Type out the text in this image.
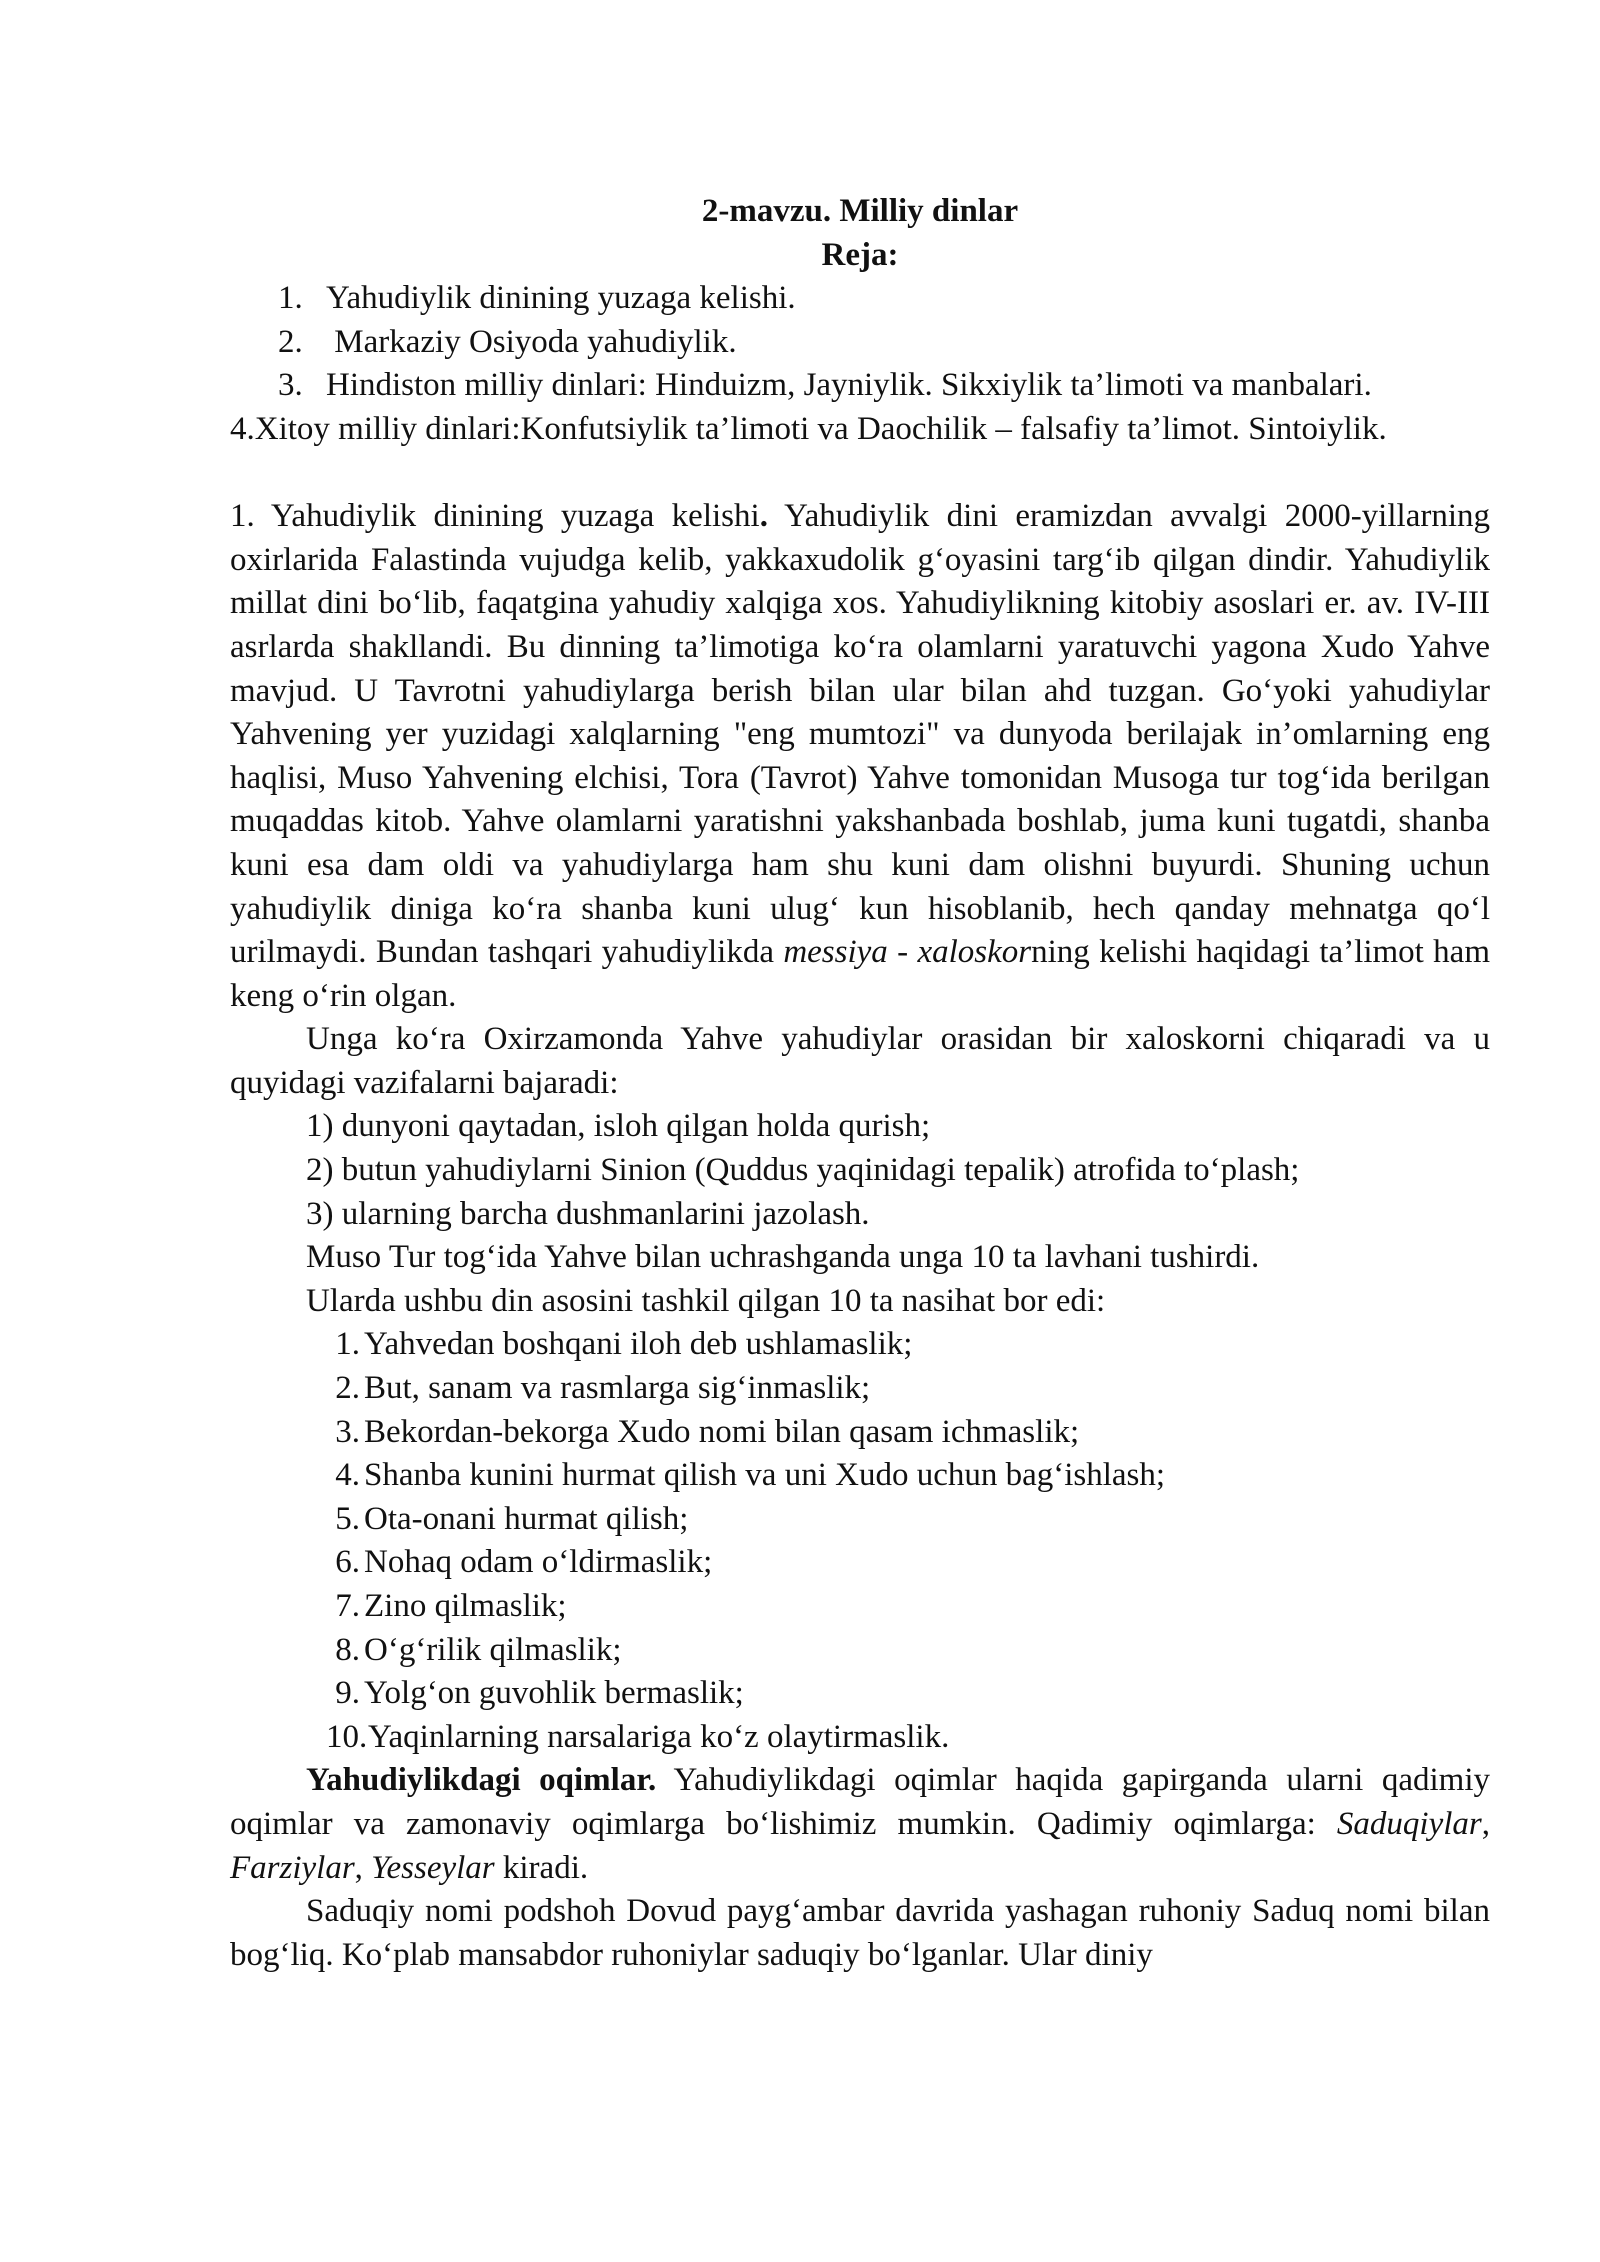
2-mavzu. Milliy dinlar
Reja:
1. Yahudiylik dinining yuzaga kelishi.
2. Markaziy Osiyoda yahudiylik.
3. Hindiston milliy dinlari: Hinduizm, Jayniylik. Sikxiylik ta’limoti va manbalari.
4.Xitoy milliy dinlari:Konfutsiylik ta’limoti va Daochilik – falsafiy ta’limot. Sintoiylik.

1. Yahudiylik dinining yuzaga kelishi. Yahudiylik dini eramizdan avvalgi 2000-yillarning oxirlarida Falastinda vujudga kelib, yakkaxudolik g‘oyasini targ‘ib qilgan dindir. Yahudiylik millat dini bo‘lib, faqatgina yahudiy xalqiga xos. Yahudiylikning kitobiy asoslari er. av. IV-III asrlarda shakllandi. Bu dinning ta’limotiga ko‘ra olamlarni yaratuvchi yagona Xudo Yahve mavjud. U Tavrotni yahudiylarga berish bilan ular bilan ahd tuzgan. Go‘yoki yahudiylar Yahvening yer yuzidagi xalqlarning "eng mumtozi" va dunyoda berilajak in’omlarning eng haqlisi, Muso Yahvening elchisi, Tora (Tavrot) Yahve tomonidan Musoga tur tog‘ida berilgan muqaddas kitob. Yahve olamlarni yaratishni yakshanbada boshlab, juma kuni tugatdi, shanba kuni esa dam oldi va yahudiylarga ham shu kuni dam olishni buyurdi. Shuning uchun yahudiylik diniga ko‘ra shanba kuni ulug‘ kun hisoblanib, hech qanday mehnatga qo‘l urilmaydi. Bundan tashqari yahudiylikda messiya - xaloskorning kelishi haqidagi ta’limot ham keng o‘rin olgan.

Unga ko‘ra Oxirzamonda Yahve yahudiylar orasidan bir xaloskorni chiqaradi va u quyidagi vazifalarni bajaradi:

1) dunyoni qaytadan, isloh qilgan holda qurish;
2) butun yahudiylarni Sinion (Quddus yaqinidagi tepalik) atrofida to‘plash;
3) ularning barcha dushmanlarini jazolash.
Muso Tur tog‘ida Yahve bilan uchrashganda unga 10 ta lavhani tushirdi.
Ularda ushbu din asosini tashkil qilgan 10 ta nasihat bor edi:
1. Yahvedan boshqani iloh deb ushlamaslik;
2. But, sanam va rasmlarga sig‘inmaslik;
3. Bekordan-bekorga Xudo nomi bilan qasam ichmaslik;
4. Shanba kunini hurmat qilish va uni Xudo uchun bag‘ishlash;
5. Ota-onani hurmat qilish;
6. Nohaq odam o‘ldirmaslik;
7. Zino qilmaslik;
8. O‘g‘rilik qilmaslik;
9. Yolg‘on guvohlik bermaslik;
10. Yaqinlarning narsalariga ko‘z olaytirmaslik.

Yahudiylikdagi oqimlar. Yahudiylikdagi oqimlar haqida gapirganda ularni qadimiy oqimlar va zamonaviy oqimlarga bo‘lishimiz mumkin. Qadimiy oqimlarga: Saduqiylar, Farziylar, Yesseylar kiradi.

Saduqiy nomi podshoh Dovud payg‘ambar davrida yashagan ruhoniy Saduq nomi bilan bog‘liq. Ko‘plab mansabdor ruhoniylar saduqiy bo‘lganlar. Ular diniy
